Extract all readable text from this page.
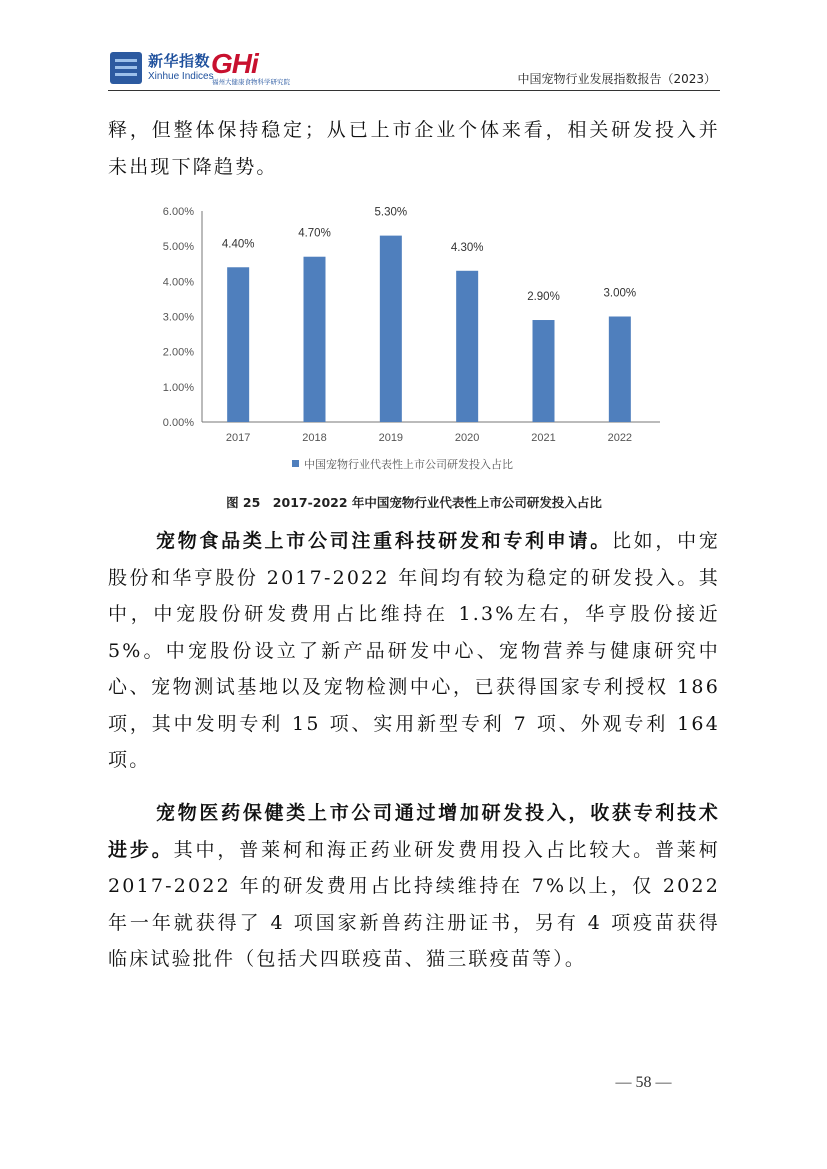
新华指数
Xinhue Indices
GHi
福州大健康食物科学研究院	中国宠物行业发展指数报告（2023）

释，但整体保持稳定；从已上市企业个体来看，相关研发投入并未出现下降趋势。

0.00%
1.00%
2.00%
3.00%
4.00%
5.00%
6.00%
4.40%
2017
4.70%
2018
5.30%
2019
4.30%
2020
2.90%
2021
3.00%
2022
中国宠物行业代表性上市公司研发投入占比
图 25　2017-2022 年中国宠物行业代表性上市公司研发投入占比

宠物食品类上市公司注重科技研发和专利申请。比如，中宠股份和华亨股份 2017-2022 年间均有较为稳定的研发投入。其中，中宠股份研发费用占比维持在 1.3%左右，华亨股份接近 5%。中宠股份设立了新产品研发中心、宠物营养与健康研究中心、宠物测试基地以及宠物检测中心，已获得国家专利授权 186 项，其中发明专利 15 项、实用新型专利 7 项、外观专利 164 项。

宠物医药保健类上市公司通过增加研发投入，收获专利技术进步。其中，普莱柯和海正药业研发费用投入占比较大。普莱柯 2017-2022 年的研发费用占比持续维持在 7%以上，仅 2022 年一年就获得了 4 项国家新兽药注册证书，另有 4 项疫苗获得临床试验批件（包括犬四联疫苗、猫三联疫苗等）。

— 58 —
